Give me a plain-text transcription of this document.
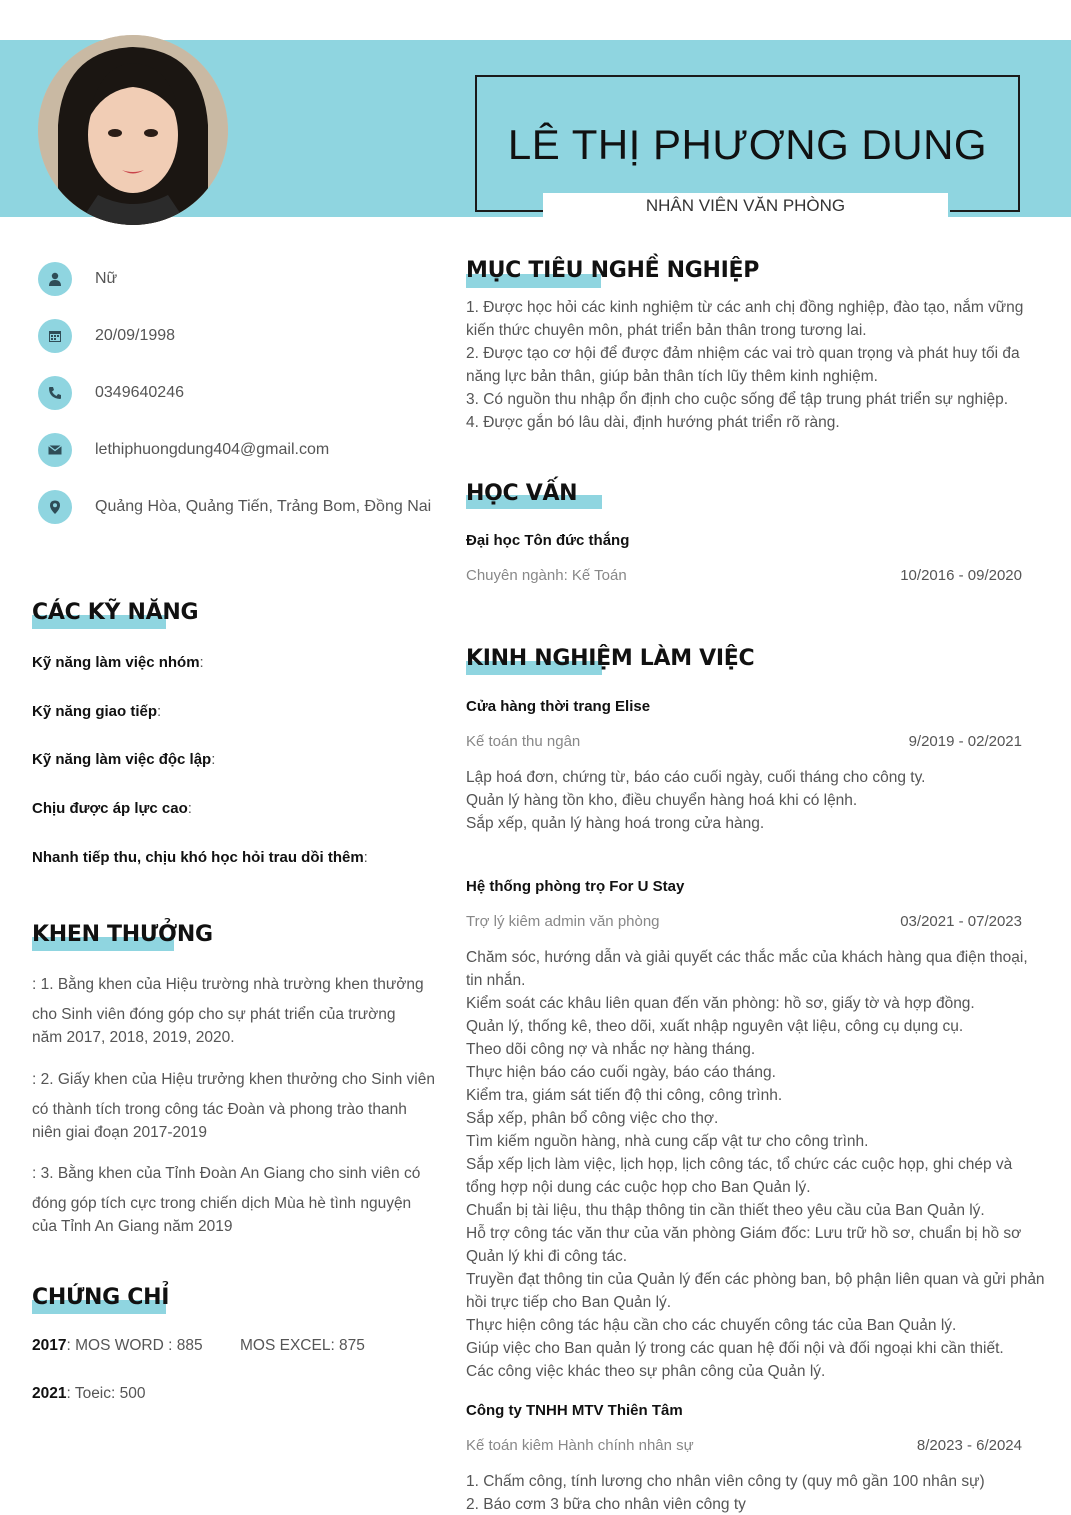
LÊ THỊ PHƯƠNG DUNG
NHÂN VIÊN VĂN PHÒNG
Nữ
20/09/1998
0349640246
lethiphuongdung404@gmail.com
Quảng Hòa, Quảng Tiến, Trảng Bom, Đồng Nai
CÁC KỸ NĂNG
Kỹ năng làm việc nhóm:
Kỹ năng giao tiếp:
Kỹ năng làm việc độc lập:
Chịu được áp lực cao:
Nhanh tiếp thu, chịu khó học hỏi trau dồi thêm:
KHEN THƯỞNG
: 1. Bằng khen của Hiệu trường nhà trường khen thưởng
cho Sinh viên đóng góp cho sự phát triển của trường năm 2017, 2018, 2019, 2020.
: 2. Giấy khen của Hiệu trưởng khen thưởng cho Sinh viên
có thành tích trong công tác Đoàn và phong trào thanh niên giai đoạn 2017-2019
: 3. Bằng khen của Tỉnh Đoàn An Giang cho sinh viên có
đóng góp tích cực trong chiến dịch Mùa hè tình nguyện của Tỉnh An Giang năm 2019
CHỨNG CHỈ
2017: MOS WORD : 885 MOS EXCEL: 875
2021: Toeic: 500
MỤC TIÊU NGHỀ NGHIỆP
1. Được học hỏi các kinh nghiệm từ các anh chị đồng nghiệp, đào tạo, nắm vững kiến thức chuyên môn, phát triển bản thân trong tương lai.
2. Được tạo cơ hội để được đảm nhiệm các vai trò quan trọng và phát huy tối đa năng lực bản thân, giúp bản thân tích lũy thêm kinh nghiệm.
3. Có nguồn thu nhập ổn định cho cuộc sống để tập trung phát triển sự nghiệp.
4. Được gắn bó lâu dài, định hướng phát triển rõ ràng.
HỌC VẤN
Đại học Tôn đức thắng
Chuyên ngành: Kế Toán	10/2016 - 09/2020
KINH NGHIỆM LÀM VIỆC
Cửa hàng thời trang Elise
Kế toán thu ngân	9/2019 - 02/2021
Lập hoá đơn, chứng từ, báo cáo cuối ngày, cuối tháng cho công ty.
Quản lý hàng tồn kho, điều chuyển hàng hoá khi có lệnh.
Sắp xếp, quản lý hàng hoá trong cửa hàng.
Hệ thống phòng trọ For U Stay
Trợ lý kiêm admin văn phòng	03/2021 - 07/2023
Chăm sóc, hướng dẫn và giải quyết các thắc mắc của khách hàng qua điện thoại, tin nhắn.
Kiểm soát các khâu liên quan đến văn phòng: hồ sơ, giấy tờ và hợp đồng.
Quản lý, thống kê, theo dõi, xuất nhập nguyên vật liệu, công cụ dụng cụ.
Theo dõi công nợ và nhắc nợ hàng tháng.
Thực hiện báo cáo cuối ngày, báo cáo tháng.
Kiểm tra, giám sát tiến độ thi công, công trình.
Sắp xếp, phân bổ công việc cho thợ.
Tìm kiếm nguồn hàng, nhà cung cấp vật tư cho công trình.
Sắp xếp lịch làm việc, lịch họp, lịch công tác, tổ chức các cuộc họp, ghi chép và tổng hợp nội dung các cuộc họp cho Ban Quản lý.
Chuẩn bị tài liệu, thu thập thông tin cần thiết theo yêu cầu của Ban Quản lý.
Hỗ trợ công tác văn thư của văn phòng Giám đốc: Lưu trữ hồ sơ, chuẩn bị hồ sơ Quản lý khi đi công tác.
Truyền đạt thông tin của Quản lý đến các phòng ban, bộ phận liên quan và gửi phản hồi trực tiếp cho Ban Quản lý.
Thực hiện công tác hậu cần cho các chuyến công tác của Ban Quản lý.
Giúp việc cho Ban quản lý trong các quan hệ đối nội và đối ngoại khi cần thiết.
Các công việc khác theo sự phân công của Quản lý.
Công ty TNHH MTV Thiên Tâm
Kế toán kiêm Hành chính nhân sự	8/2023 - 6/2024
1. Chấm công, tính lương cho nhân viên công ty (quy mô gần 100 nhân sự)
2. Báo cơm 3 bữa cho nhân viên công ty
